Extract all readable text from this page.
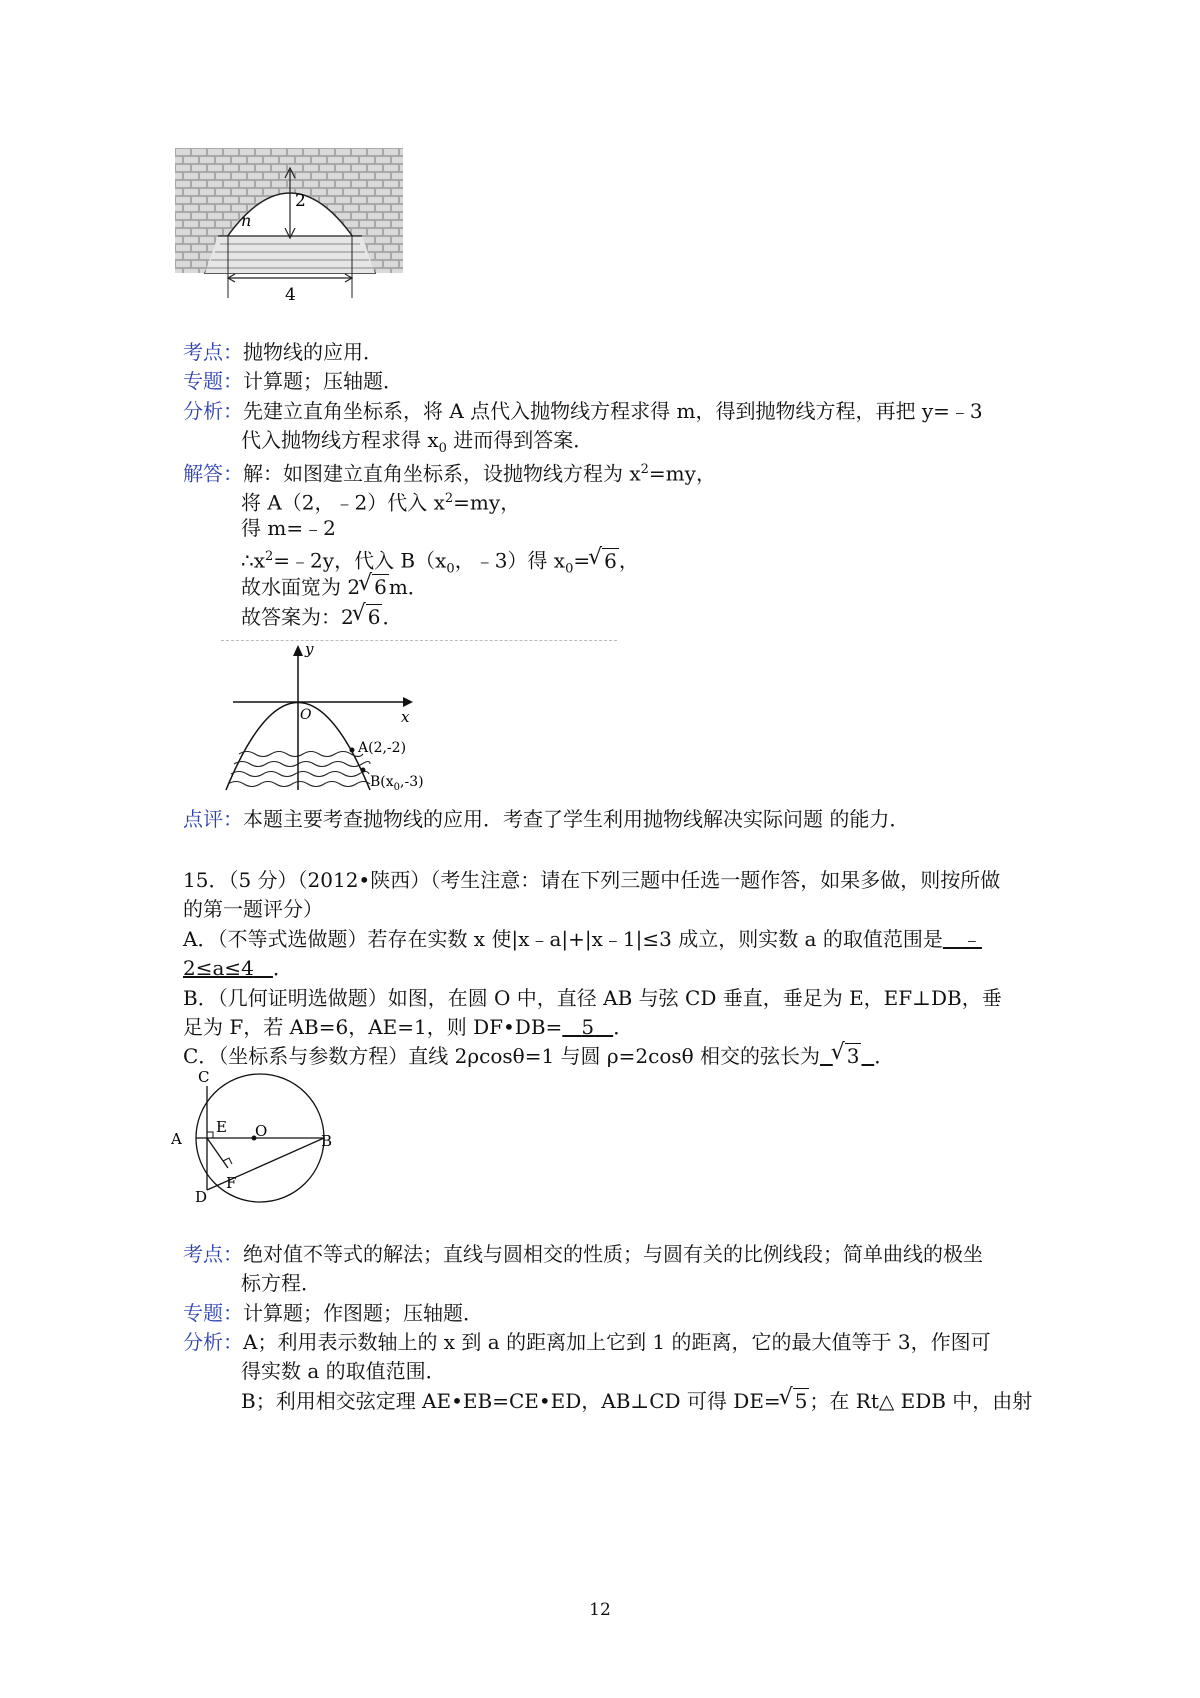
2
n
4
考点：抛物线的应用．
专题：计算题；压轴题．
分析：先建立直角坐标系，将 A 点代入抛物线方程求得 m，得到抛物线方程，再把 y=﹣3
代入抛物线方程求得 $x_0$ 进而得到答案．
解答：解：如图建立直角坐标系，设抛物线方程为 $x^2=my$，
将 A（2，﹣2）代入 $x^2=my$，
得 m=﹣2
$\therefore x^2=﹣2y$，代入 $B(x_0$，﹣3）得 $x_0=√$ 6 ，
故水面宽为 2√ 6 m．
故答案为：2√ 6 ．
y
x
O
A(2,-2)
$B(x_0,-3)$
点评：本题主要考查抛物线的应用．考查了学生利用抛物线解决实际问题 的能力．
15．（5 分）（2012•陕西）（考生注意：请在下列三题中任选一题作答，如果多做，则按所做
的第一题评分）
A．（不等式选做题）若存在实数 x 使|x﹣a|+|x﹣1|≤3 成立，则实数 a 的取值范围是 ﹣
2≤a≤4 ．
B．（几何证明选做题）如图，在圆 O 中，直径 AB 与弦 CD 垂直，垂足为 E，EF⊥DB，垂
足为 F，若 AB=6，AE=1，则 DF•DB= 5 ．
C．（坐标系与参数方程）直线 2ρcosθ=1 与圆 ρ=2cosθ 相交的弦长为  √ 3 ．
考点：绝对值不等式的解法；直线与圆相交的性质；与圆有关的比例线段；简单曲线的极坐
标方程．
专题：计算题；作图题；压轴题．
分析：A；利用表示数轴上的 x 到 a 的距离加上它到 1 的距离，它的最大值等于 3，作图可
得实数 a 的取值范围．
B；利用相交弦定理 AE•EB=CE•ED，AB⊥CD 可得 DE=√ 5 ；在 Rt△ EDB 中，由射
C
A
E O
B
D
F
12
